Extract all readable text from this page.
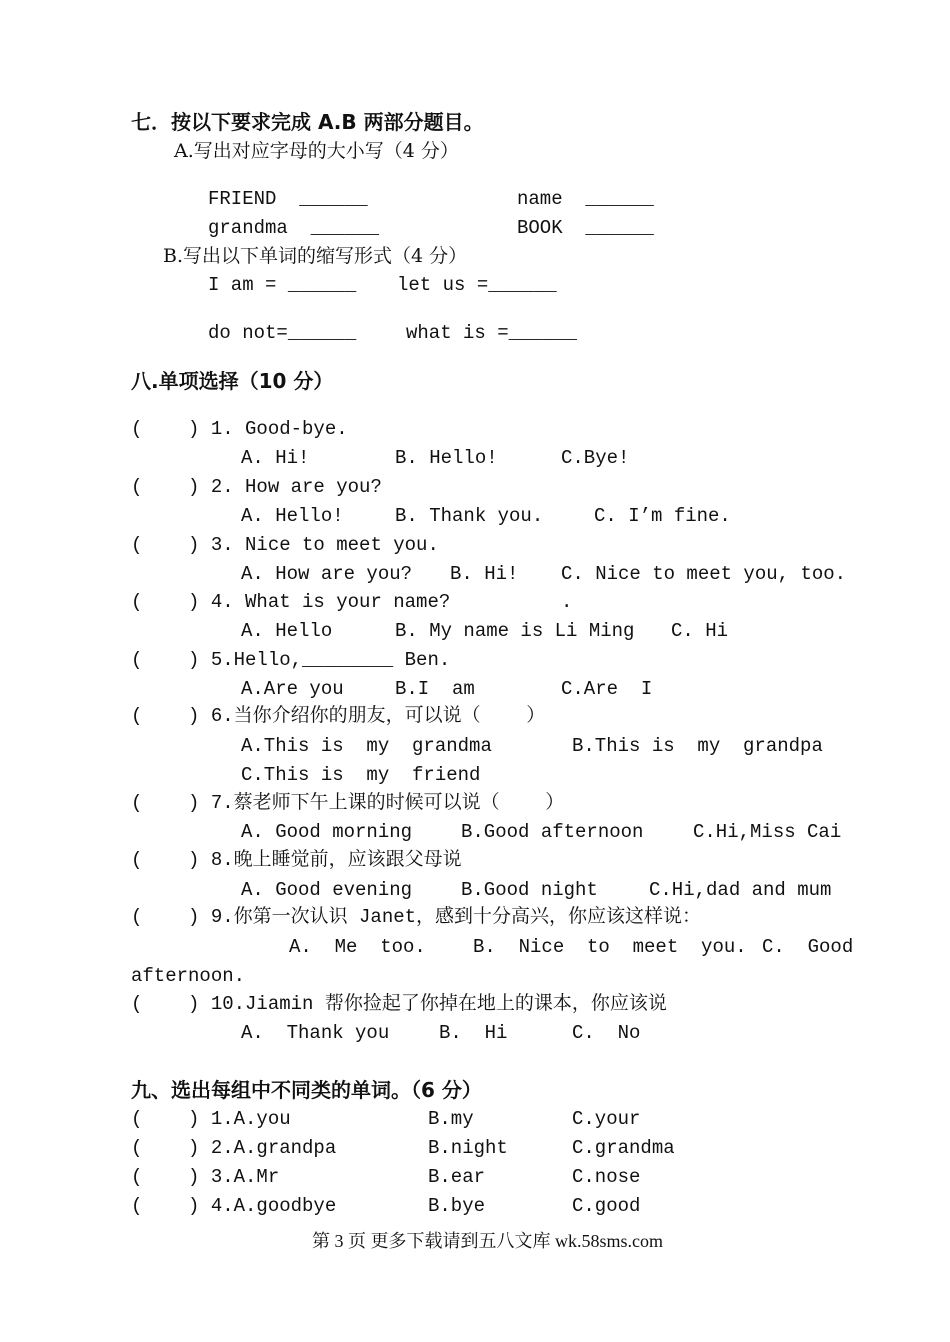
七．按以下要求完成 A.B 两部分题目。
A.写出对应字母的大小写（4 分）
FRIEND  ______	name  ______
grandma  ______	BOOK  ______
B.写出以下单词的缩写形式（4 分）
I am = ______ let us =______
do not=______	what is =______
八.单项选择（10 分）
(    ) 1. Good-bye.
A. Hi!	B. Hello!	C.Bye!
(    ) 2. How are you?
A. Hello!	B. Thank you.	C. I’m fine.
(    ) 3. Nice to meet you.
A. How are you? B. Hi! C. Nice to meet you, too.
(    ) 4. What is your name?	.
A. Hello	B. My name is Li Ming C. Hi
(    ) 5.Hello,________ Ben.
A.Are you	B.I  am	C.Are  I
(    ) 6.当你介绍你的朋友，可以说（    ）
A.This is  my  grandma	B.This is  my  grandpa
C.This is  my  friend
(    ) 7.蔡老师下午上课的时候可以说（    ）
A. Good morning	B.Good afternoon	C.Hi,Miss Cai
(    ) 8.晚上睡觉前，应该跟父母说
A. Good evening	B.Good night	C.Hi,dad and mum
(    ) 9.你第一次认识 Janet，感到十分高兴，你应该这样说：
A.  Me  too. B.  Nice  to  meet  you. C.  Good
afternoon.
(    ) 10.Jiamin 帮你捡起了你掉在地上的课本，你应该说
A.  Thank you	B.  Hi	C.  No
九、选出每组中不同类的单词。（6 分）
(    ) 1.A.you	B.my	C.your
(    ) 2.A.grandpa	B.night	C.grandma
(    ) 3.A.Mr	B.ear	C.nose
(    ) 4.A.goodbye	B.bye	C.good
第 3 页 更多下载请到五八文库 wk.58sms.com
